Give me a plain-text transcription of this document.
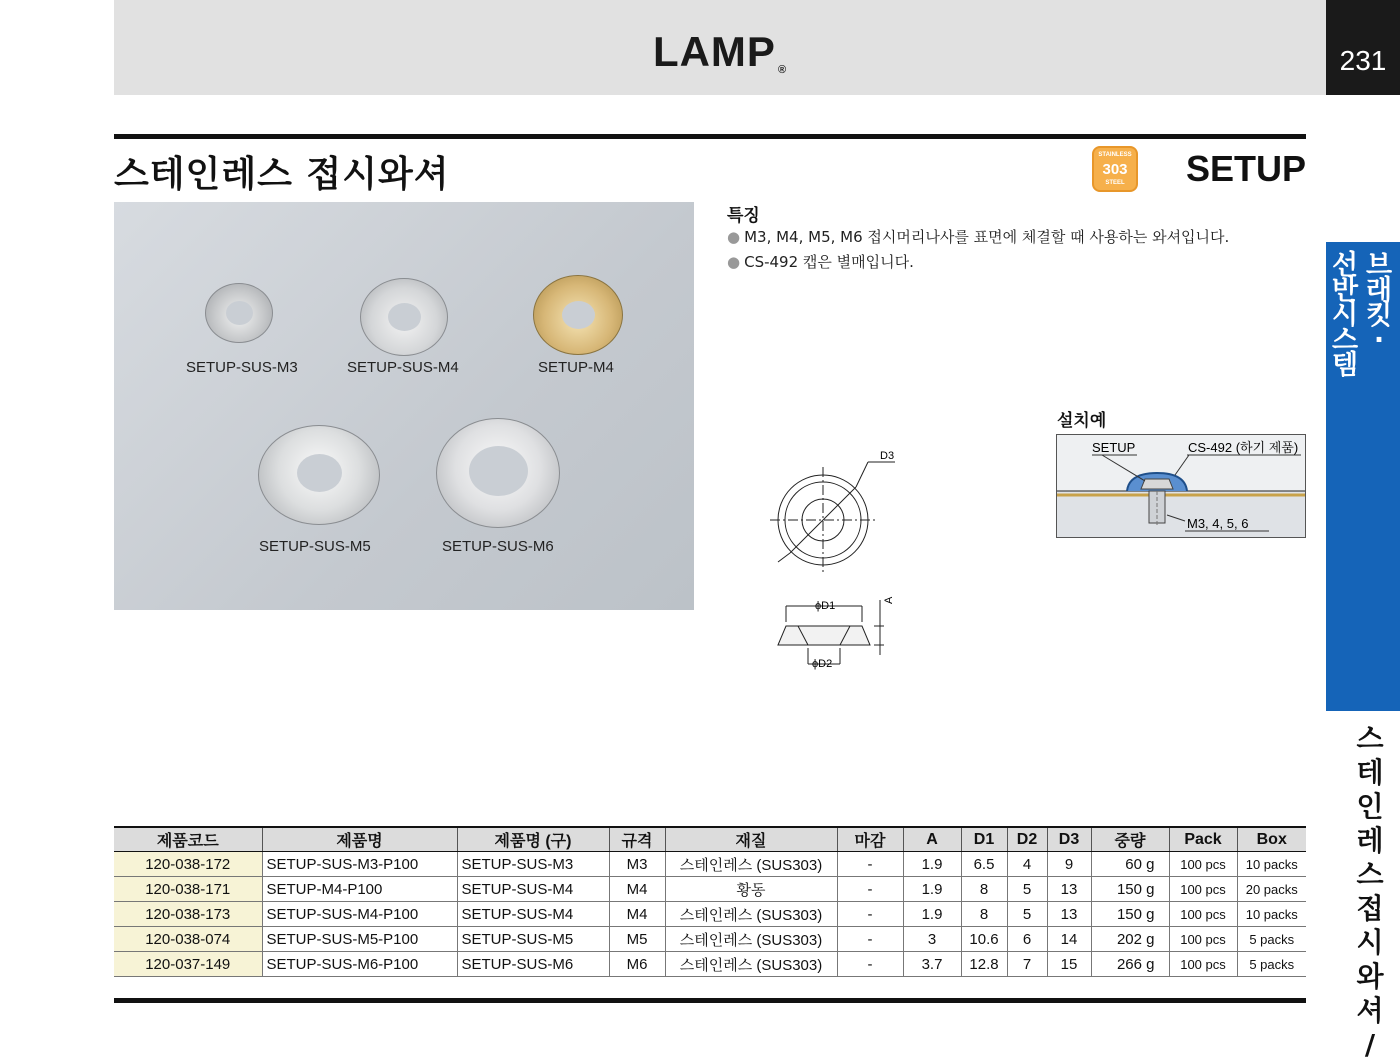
LAMP ®	231
스테인레스 접시와셔	STAINLESS
303
STEEL	SETUP
SETUP-SUS-M3	SETUP-SUS-M4	SETUP-M4
SETUP-SUS-M5	SETUP-SUS-M6
특징
● M3, M4, M5, M6 접시머리나사를 표면에 체결할 때 사용하는 와셔입니다.
● CS-492 캡은 별매입니다.
D3
ϕD1
ϕD2
A
설치예
SETUP	CS-492 (하기 제품)
M3, 4, 5, 6
브
래
킷
·
선
반
시
스
템
스
테
인
레
스
접
시
와
셔
/
제품코드	제품명	제품명 (구)	규격	재질	마감	A	D1	D2	D3	중량	Pack	Box
120-038-172	SETUP-SUS-M3-P100	SETUP-SUS-M3	M3	스테인레스 (SUS303)	-	1.9	6.5	4	9	60 g	100 pcs	10 packs
120-038-171	SETUP-M4-P100	SETUP-SUS-M4	M4	황동	-	1.9	8	5	13	150 g	100 pcs	20 packs
120-038-173	SETUP-SUS-M4-P100	SETUP-SUS-M4	M4	스테인레스 (SUS303)	-	1.9	8	5	13	150 g	100 pcs	10 packs
120-038-074	SETUP-SUS-M5-P100	SETUP-SUS-M5	M5	스테인레스 (SUS303)	-	3	10.6	6	14	202 g	100 pcs	5 packs
120-037-149	SETUP-SUS-M6-P100	SETUP-SUS-M6	M6	스테인레스 (SUS303)	-	3.7	12.8	7	15	266 g	100 pcs	5 packs
